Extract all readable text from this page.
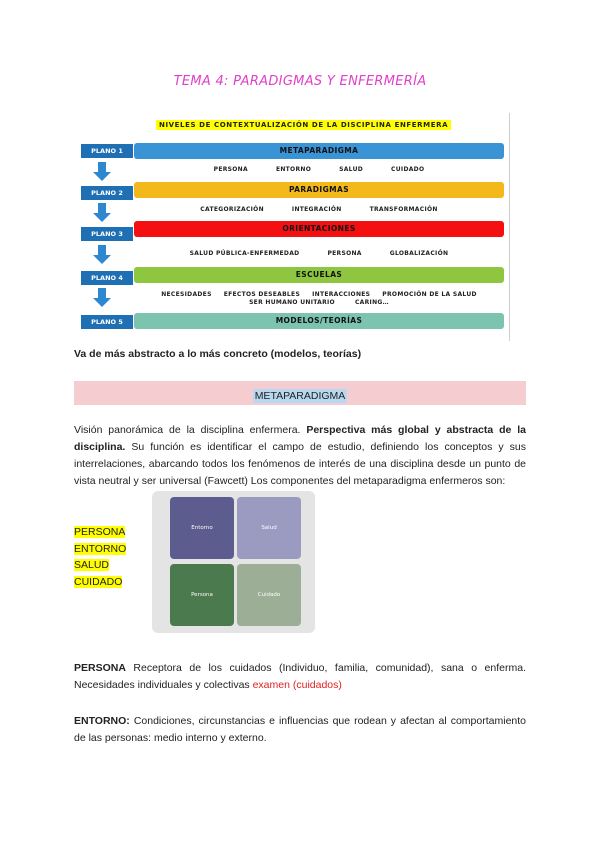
TEMA 4: PARADIGMAS Y ENFERMERÍA
NIVELES DE CONTEXTUALIZACIÓN DE LA DISCIPLINA ENFERMERA
PLANO 1
PLANO 2
PLANO 3
PLANO 4
PLANO 5
METAPARADIGMA
PERSONA	ENTORNO	SALUD	CUIDADO
PARADIGMAS
CATEGORIZACIÓN	INTEGRACIÓN	TRANSFORMACIÓN
ORIENTACIONES
SALUD PÚBLICA-ENFERMEDAD	PERSONA	GLOBALIZACIÓN
ESCUELAS
NECESIDADES EFECTOS DESEABLES INTERACCIONES PROMOCIÓN DE LA SALUD
SER HUMANO UNITARIO	CARING…
MODELOS/TEORÍAS
Va de más abstracto a lo más concreto (modelos, teorías)
METAPARADIGMA
Visión panorámica de la disciplina enfermera. Perspectiva más global y abstracta de la disciplina. Su función es identificar el campo de estudio, definiendo los conceptos y sus interrelaciones, abarcando todos los fenómenos de interés de una disciplina desde un punto de vista neutral y ser universal (Fawcett) Los componentes del metaparadigma enfermeros son:
PERSONA
ENTORNO
SALUD
CUIDADO
Entorno	Salud
Persona	Cuidado
PERSONA Receptora de los cuidados (Individuo, familia, comunidad), sana o enferma. Necesidades individuales y colectivas examen (cuidados)
ENTORNO: Condiciones, circunstancias e influencias que rodean y afectan al comportamiento de las personas: medio interno y externo.
